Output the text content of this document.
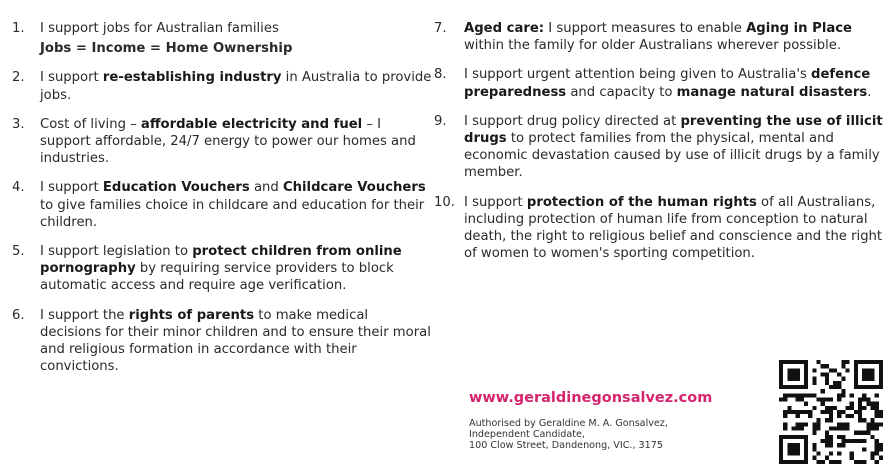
1.	I support jobs for Australian families
Jobs = Income = Home Ownership
2.	I support re-establishing industry in Australia to provide jobs.
3.	Cost of living – affordable electricity and fuel – I support affordable, 24/7 energy to power our homes and industries.
4.	I support Education Vouchers and Childcare Vouchers to give families choice in childcare and education for their children.
5.	I support legislation to protect children from online pornography by requiring service providers to block automatic access and require age verification.
6.	I support the rights of parents to make medical decisions for their minor children and to ensure their moral and religious formation in accordance with their convictions.
7.	Aged care: I support measures to enable Aging in Place within the family for older Australians wherever possible.
8.	I support urgent attention being given to Australia's defence preparedness and capacity to manage natural disasters.
9.	I support drug policy directed at preventing the use of illicit drugs to protect families from the physical, mental and economic devastation caused by use of illicit drugs by a family member.
10. I support protection of the human rights of all Australians, including protection of human life from conception to natural death, the right to religious belief and conscience and the right of women to women's sporting competition.
www.geraldinegonsalvez.com
Authorised by Geraldine M. A. Gonsalvez,
Independent Candidate,
100 Clow Street, Dandenong, VIC., 3175
